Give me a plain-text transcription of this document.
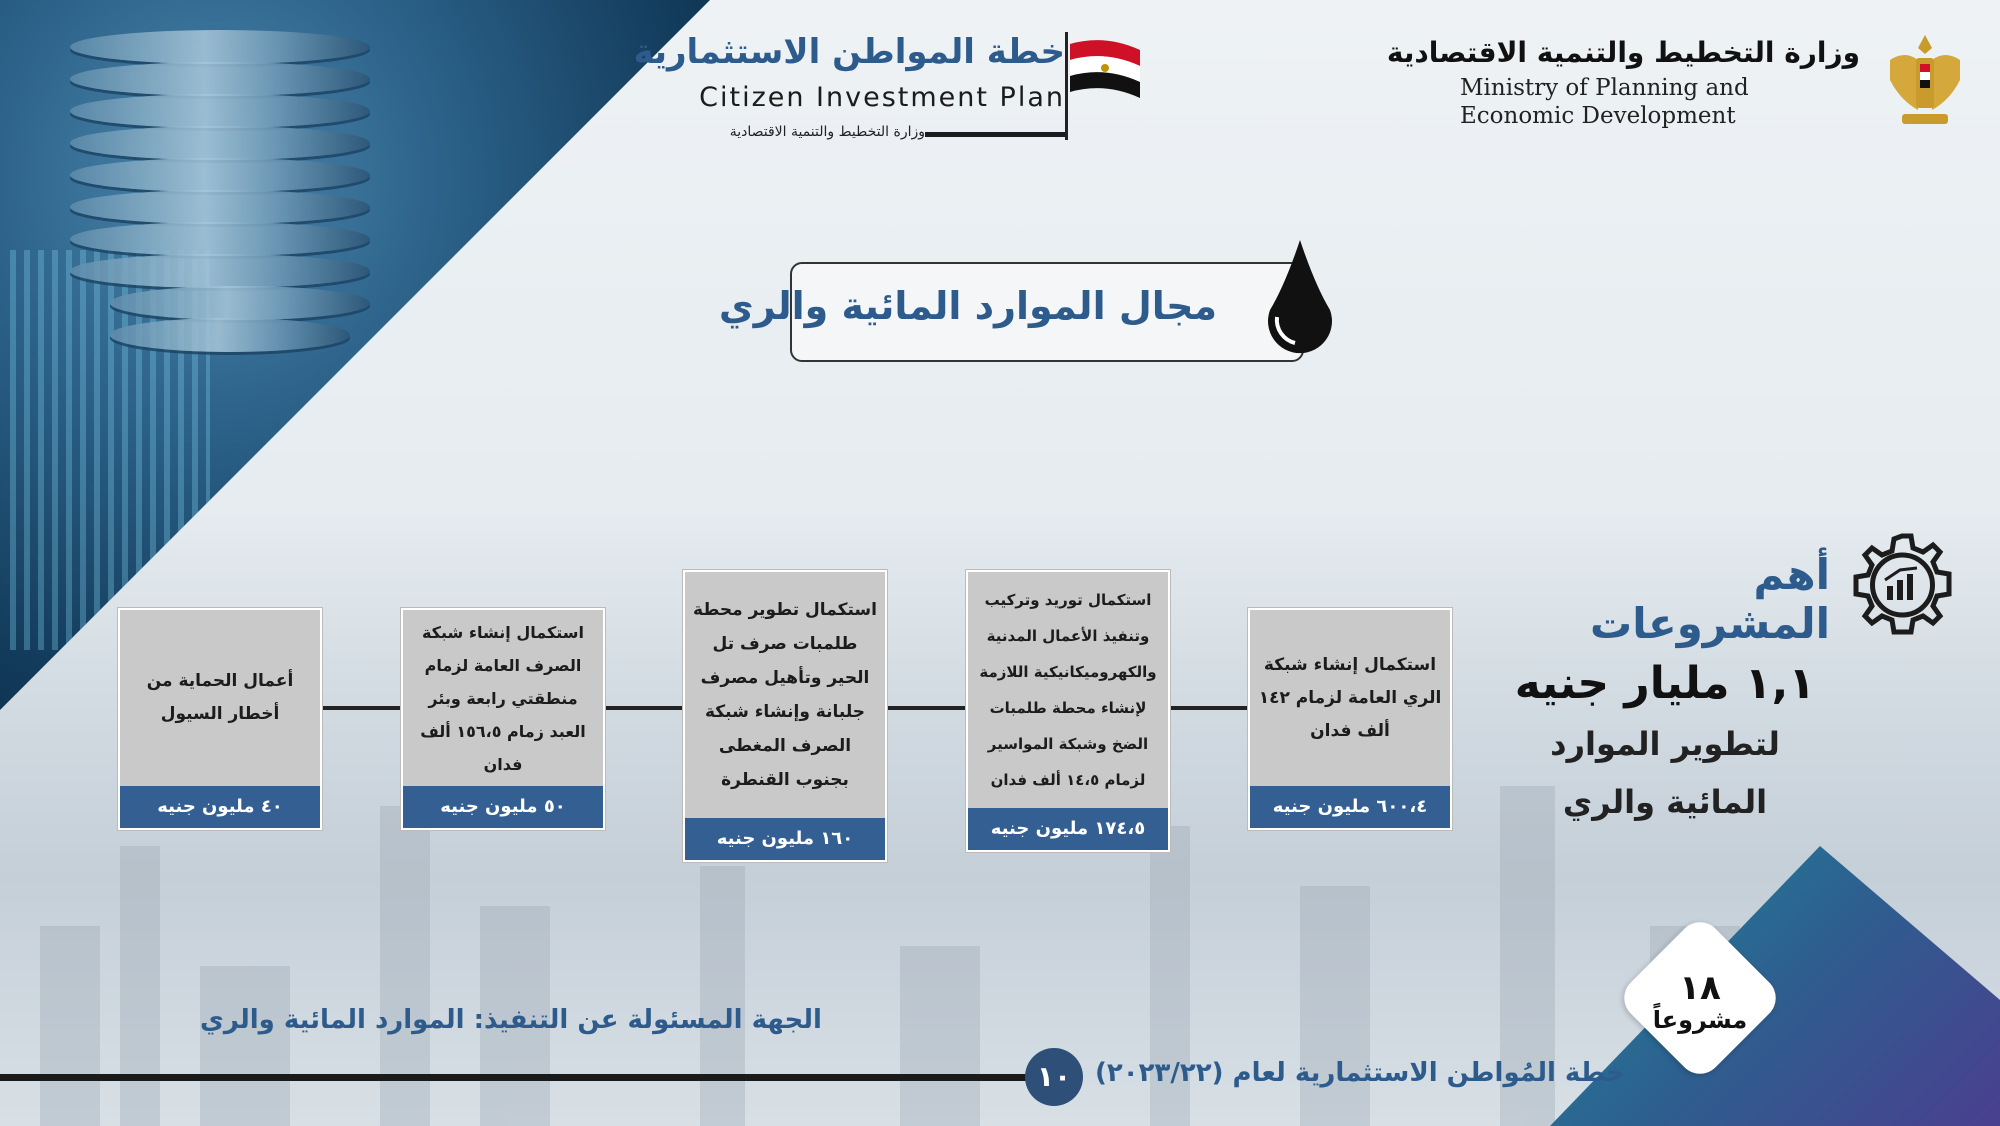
خطة المواطن الاستثمارية
Citizen Investment Plan
وزارة التخطيط والتنمية الاقتصادية
وزارة التخطيط والتنمية الاقتصادية
Ministry of Planning and Economic Development
مجال الموارد المائية والري
أهم المشروعات
١,١ مليار جنيه
لتطوير الموارد
المائية والري
استكمال إنشاء شبكة الري العامة لزمام ١٤٢ ألف فدان
٦٠٠،٤ مليون جنيه
استكمال توريد وتركيب وتنفيذ الأعمال المدنية والكهروميكانيكية اللازمة لإنشاء محطة طلمبات الضخ وشبكة المواسير لزمام ١٤،٥ ألف فدان
١٧٤،٥ مليون جنيه
استكمال تطوير محطة طلمبات صرف تل الحير وتأهيل مصرف جلبانة وإنشاء شبكة الصرف المغطى بجنوب القنطرة
١٦٠ مليون جنيه
استكمال إنشاء شبكة الصرف العامة لزمام منطقتي رابعة وبئر العبد زمام ١٥٦،٥ ألف فدان
٥٠ مليون جنيه
أعمال الحماية من أخطار السيول
٤٠ مليون جنيه
الجهة المسئولة عن التنفيذ: الموارد المائية والري
١٠ خطة المُواطن الاستثمارية لعام (٢٠٢٣/٢٢)
١٨
مشروعاً
